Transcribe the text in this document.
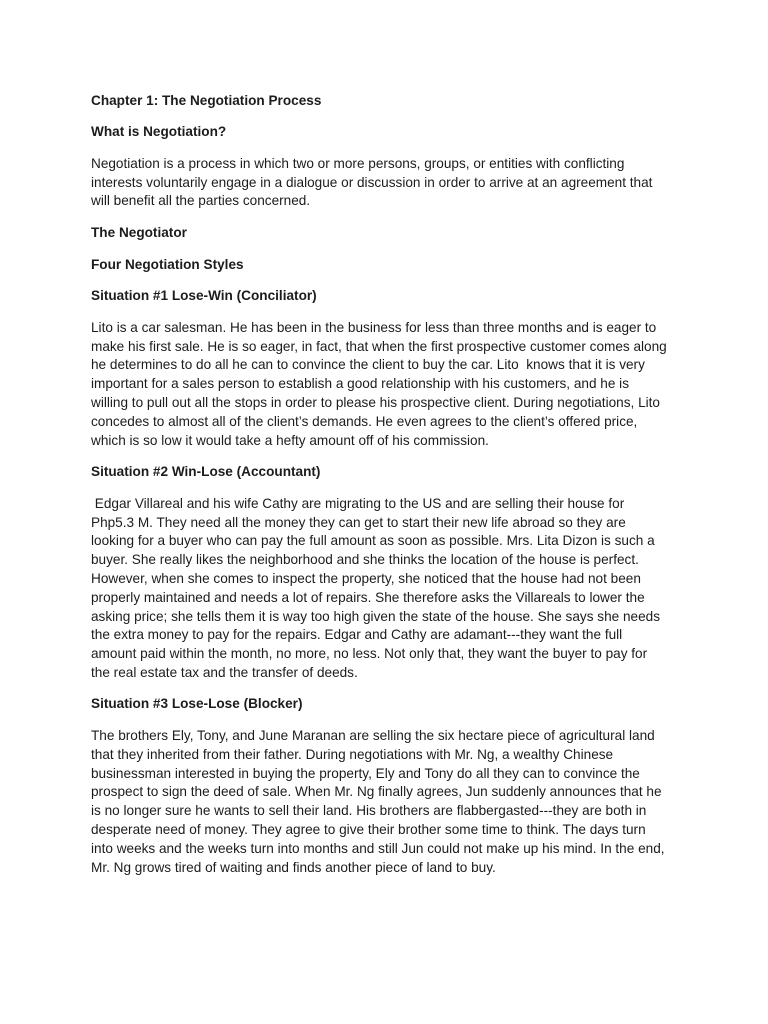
Chapter 1: The Negotiation Process
What is Negotiation?
Negotiation is a process in which two or more persons, groups, or entities with conflicting
interests voluntarily engage in a dialogue or discussion in order to arrive at an agreement that
will benefit all the parties concerned.
The Negotiator
Four Negotiation Styles
Situation #1 Lose-Win (Conciliator)
Lito is a car salesman. He has been in the business for less than three months and is eager to
make his first sale. He is so eager, in fact, that when the first prospective customer comes along
he determines to do all he can to convince the client to buy the car. Lito  knows that it is very
important for a sales person to establish a good relationship with his customers, and he is
willing to pull out all the stops in order to please his prospective client. During negotiations, Lito
concedes to almost all of the client’s demands. He even agrees to the client’s offered price,
which is so low it would take a hefty amount off of his commission.
Situation #2 Win-Lose (Accountant)
Edgar Villareal and his wife Cathy are migrating to the US and are selling their house for
Php5.3 M. They need all the money they can get to start their new life abroad so they are
looking for a buyer who can pay the full amount as soon as possible. Mrs. Lita Dizon is such a
buyer. She really likes the neighborhood and she thinks the location of the house is perfect.
However, when she comes to inspect the property, she noticed that the house had not been
properly maintained and needs a lot of repairs. She therefore asks the Villareals to lower the
asking price; she tells them it is way too high given the state of the house. She says she needs
the extra money to pay for the repairs. Edgar and Cathy are adamant---they want the full
amount paid within the month, no more, no less. Not only that, they want the buyer to pay for
the real estate tax and the transfer of deeds.
Situation #3 Lose-Lose (Blocker)
The brothers Ely, Tony, and June Maranan are selling the six hectare piece of agricultural land
that they inherited from their father. During negotiations with Mr. Ng, a wealthy Chinese
businessman interested in buying the property, Ely and Tony do all they can to convince the
prospect to sign the deed of sale. When Mr. Ng finally agrees, Jun suddenly announces that he
is no longer sure he wants to sell their land. His brothers are flabbergasted---they are both in
desperate need of money. They agree to give their brother some time to think. The days turn
into weeks and the weeks turn into months and still Jun could not make up his mind. In the end,
Mr. Ng grows tired of waiting and finds another piece of land to buy.
